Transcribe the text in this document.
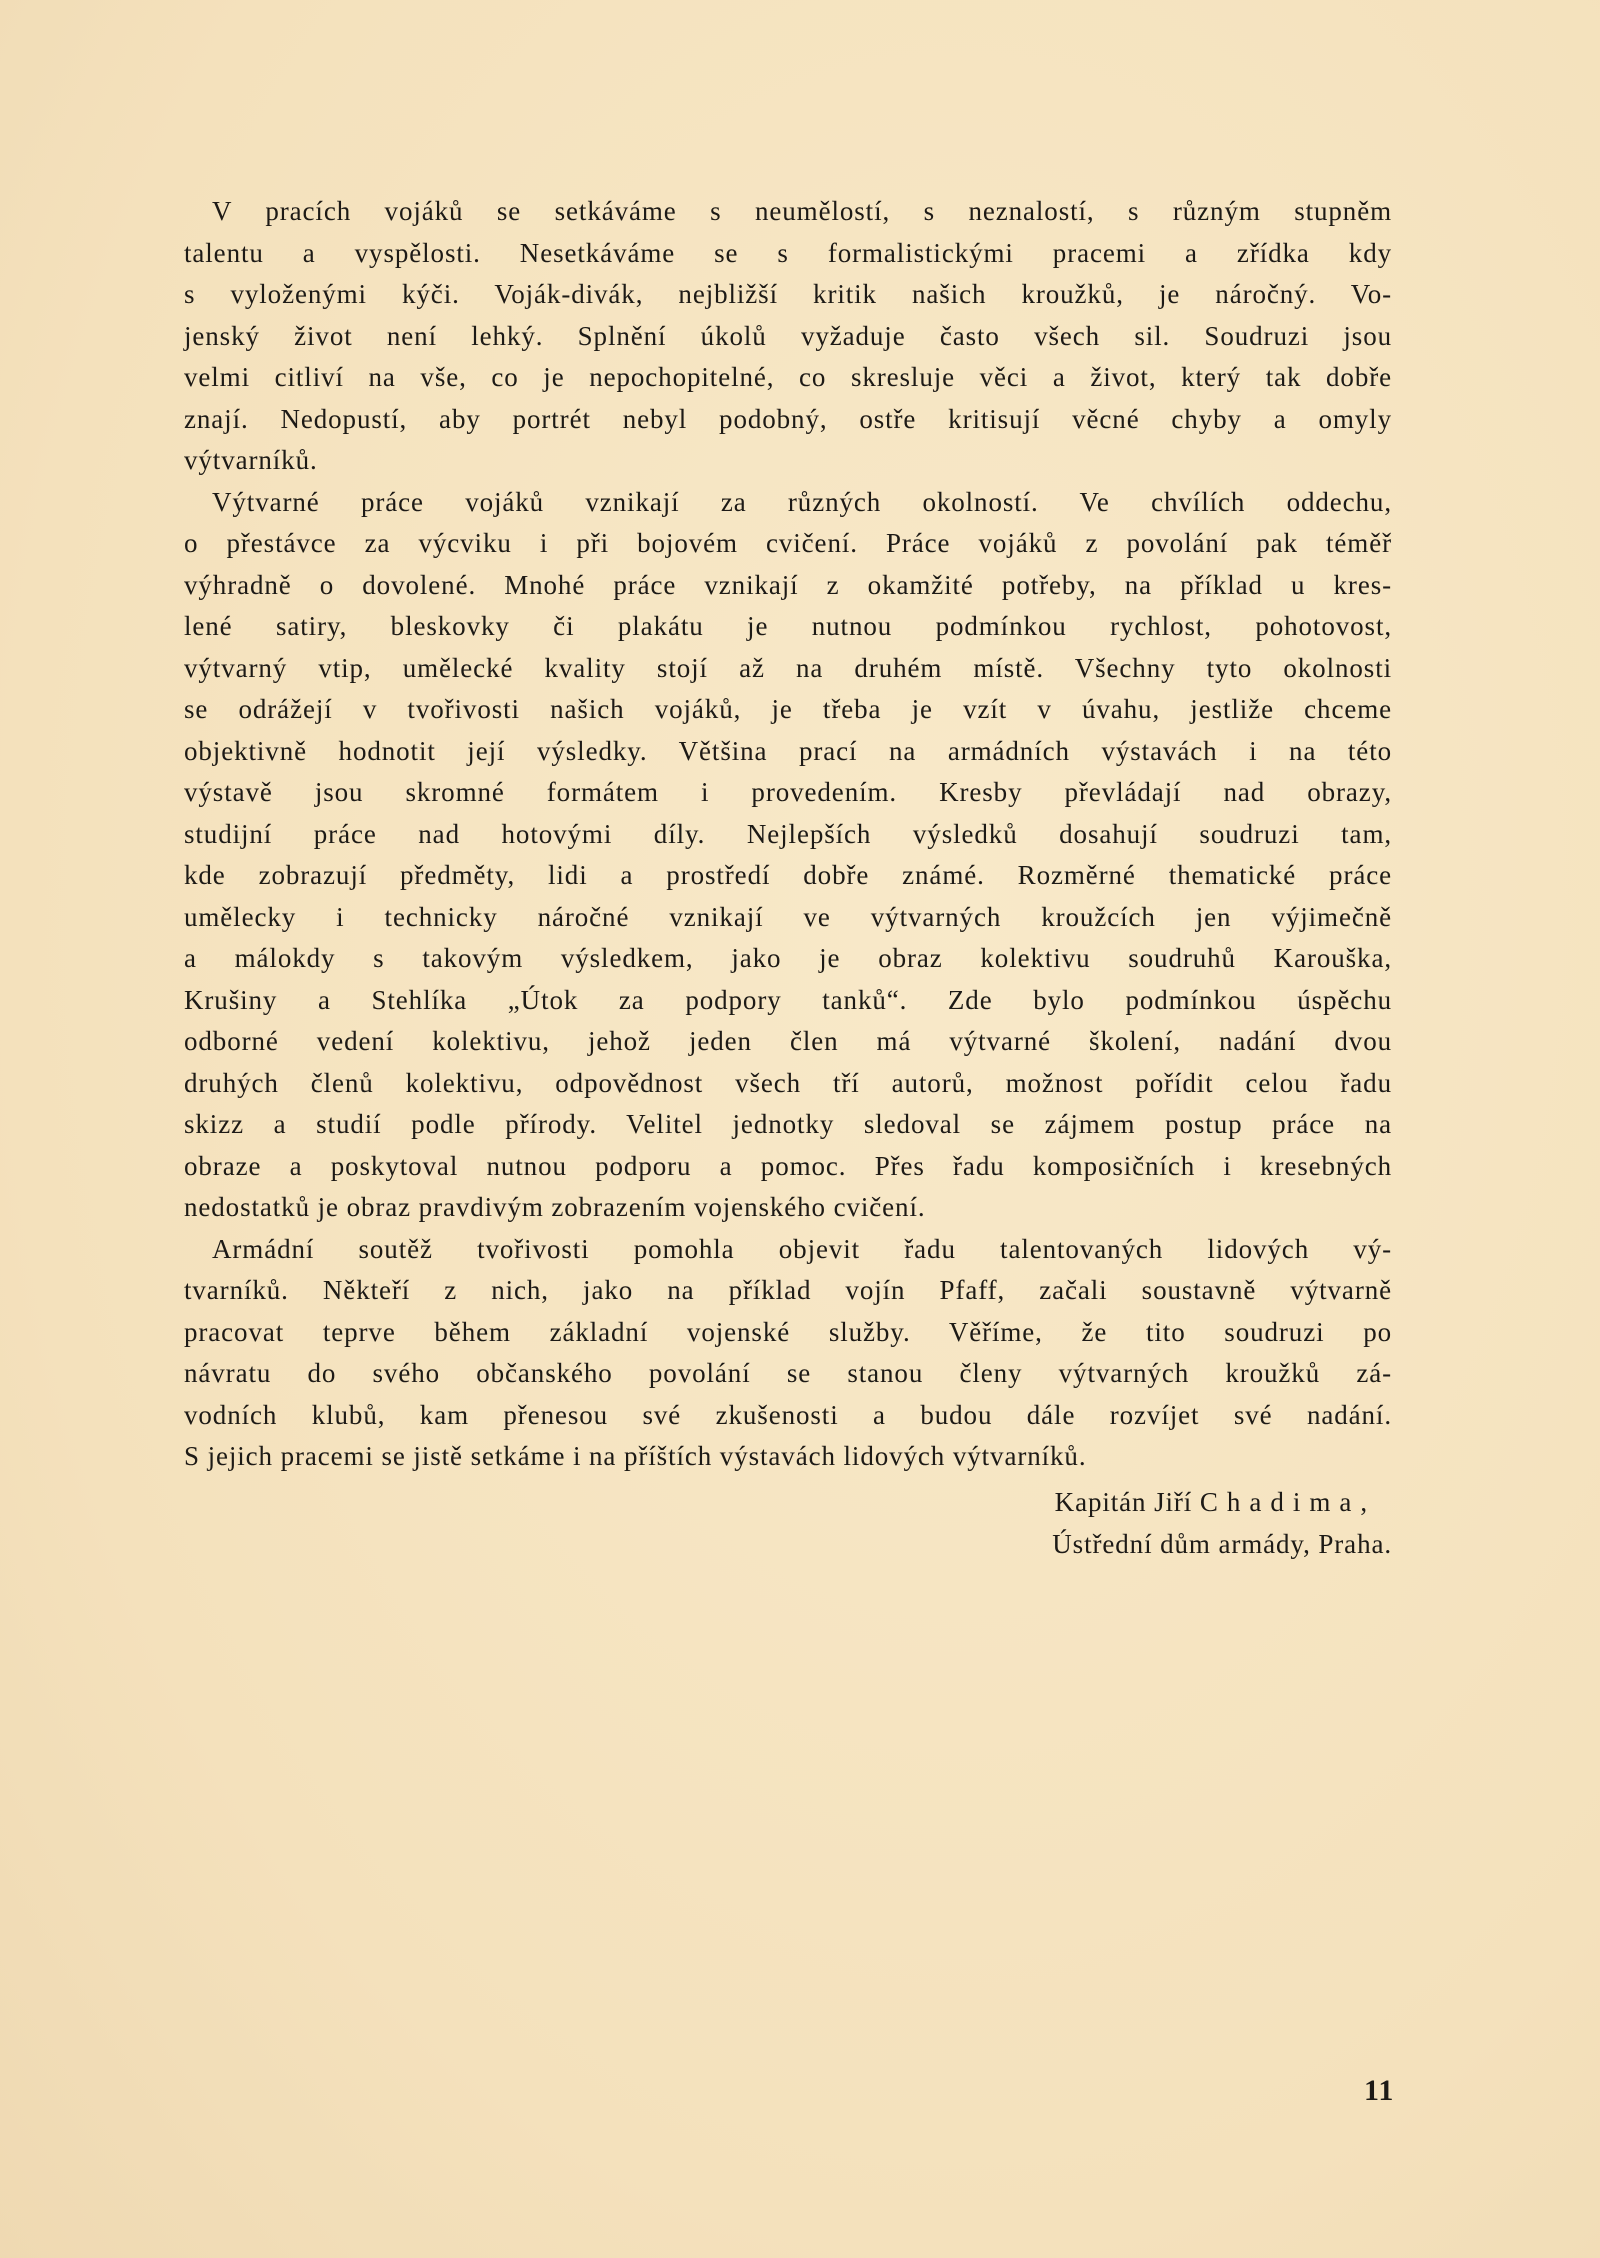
V pracích vojáků se setkáváme s neumělostí, s neznalostí, s různým stupněm
talentu a vyspělosti. Nesetkáváme se s formalistickými pracemi a zřídka kdy
s vyloženými kýči. Voják-divák, nejbližší kritik našich kroužků, je náročný. Vo-
jenský život není lehký. Splnění úkolů vyžaduje často všech sil. Soudruzi jsou
velmi citliví na vše, co je nepochopitelné, co skresluje věci a život, který tak dobře
znají. Nedopustí, aby portrét nebyl podobný, ostře kritisují věcné chyby a omyly
výtvarníků.
Výtvarné práce vojáků vznikají za různých okolností. Ve chvílích oddechu,
o přestávce za výcviku i při bojovém cvičení. Práce vojáků z povolání pak téměř
výhradně o dovolené. Mnohé práce vznikají z okamžité potřeby, na příklad u kres-
lené satiry, bleskovky či plakátu je nutnou podmínkou rychlost, pohotovost,
výtvarný vtip, umělecké kvality stojí až na druhém místě. Všechny tyto okolnosti
se odrážejí v tvořivosti našich vojáků, je třeba je vzít v úvahu, jestliže chceme
objektivně hodnotit její výsledky. Většina prací na armádních výstavách i na této
výstavě jsou skromné formátem i provedením. Kresby převládají nad obrazy,
studijní práce nad hotovými díly. Nejlepších výsledků dosahují soudruzi tam,
kde zobrazují předměty, lidi a prostředí dobře známé. Rozměrné thematické práce
umělecky i technicky náročné vznikají ve výtvarných kroužcích jen výjimečně
a málokdy s takovým výsledkem, jako je obraz kolektivu soudruhů Karouška,
Krušiny a Stehlíka „Útok za podpory tanků“. Zde bylo podmínkou úspěchu
odborné vedení kolektivu, jehož jeden člen má výtvarné školení, nadání dvou
druhých členů kolektivu, odpovědnost všech tří autorů, možnost pořídit celou řadu
skizz a studií podle přírody. Velitel jednotky sledoval se zájmem postup práce na
obraze a poskytoval nutnou podporu a pomoc. Přes řadu komposičních i kresebných
nedostatků je obraz pravdivým zobrazením vojenského cvičení.
Armádní soutěž tvořivosti pomohla objevit řadu talentovaných lidových vý-
tvarníků. Někteří z nich, jako na příklad vojín Pfaff, začali soustavně výtvarně
pracovat teprve během základní vojenské služby. Věříme, že tito soudruzi po
návratu do svého občanského povolání se stanou členy výtvarných kroužků zá-
vodních klubů, kam přenesou své zkušenosti a budou dále rozvíjet své nadání.
S jejich pracemi se jistě setkáme i na příštích výstavách lidových výtvarníků.
Kapitán Jiří Chadima,
Ústřední dům armády, Praha.
11
